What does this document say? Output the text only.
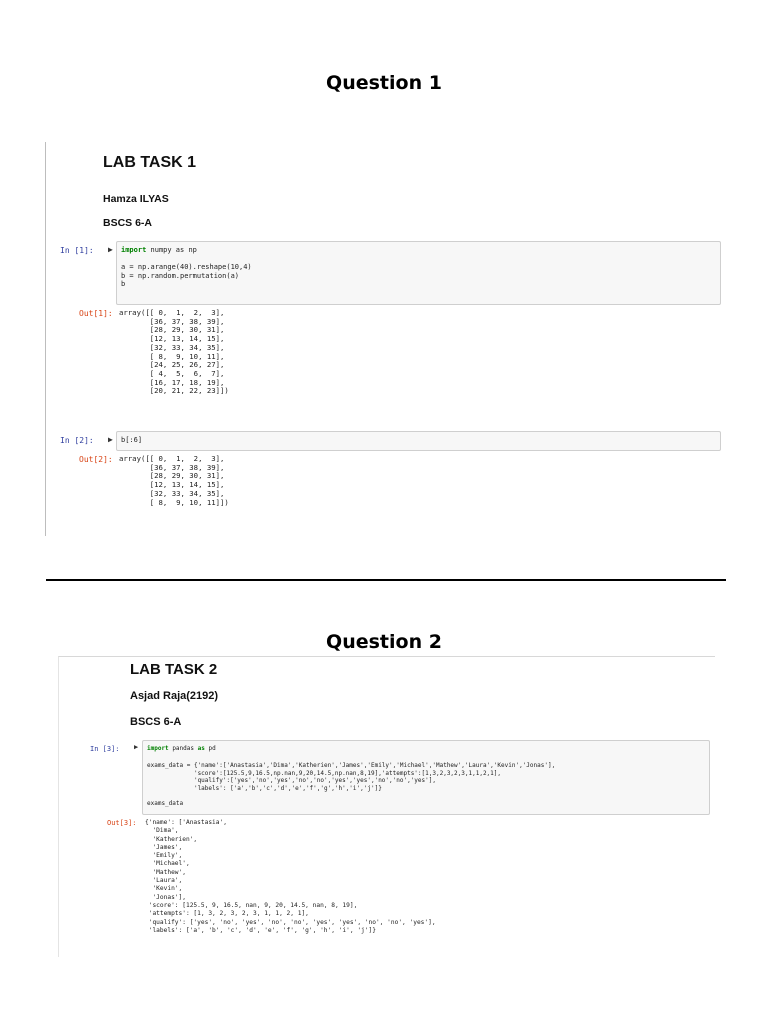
Question 1
LAB TASK 1
Hamza ILYAS
BSCS 6-A
In [1]: ▶ import numpy as np
a = np.arange(40).reshape(10,4)
b = np.random.permutation(a)
b
Out[1]: array([[ 0,  1,  2,  3],
[36, 37, 38, 39],
[28, 29, 30, 31],
[12, 13, 14, 15],
[32, 33, 34, 35],
[ 8,  9, 10, 11],
[24, 25, 26, 27],
[ 4,  5,  6,  7],
[16, 17, 18, 19],
[20, 21, 22, 23]])
In [2]: ▶ b[:6]
Out[2]: array([[ 0,  1,  2,  3],
[36, 37, 38, 39],
[28, 29, 30, 31],
[12, 13, 14, 15],
[32, 33, 34, 35],
[ 8,  9, 10, 11]])
Question 2
LAB TASK 2
Asjad Raja(2192)
BSCS 6-A
In [3]: ▶ import pandas as pd
exams_data = {'name':['Anastasia','Dima','Katherien','James','Emily','Michael','Mathew','Laura','Kevin','Jonas'],
'score':[125.5,9,16.5,np.nan,9,20,14.5,np.nan,8,19],'attempts':[1,3,2,3,2,3,1,1,2,1],
'qualify':['yes','no','yes','no','no','yes','yes','no','no','yes'],
'labels': ['a','b','c','d','e','f','g','h','i','j']}

exams_data
Out[3]: {'name': ['Anastasia',
'Dima',
'Katherien',
'James',
'Emily',
'Michael',
'Mathew',
'Laura',
'Kevin',
'Jonas'],
'score': [125.5, 9, 16.5, nan, 9, 20, 14.5, nan, 8, 19],
'attempts': [1, 3, 2, 3, 2, 3, 1, 1, 2, 1],
'qualify': ['yes', 'no', 'yes', 'no', 'no', 'yes', 'yes', 'no', 'no', 'yes'],
'labels': ['a', 'b', 'c', 'd', 'e', 'f', 'g', 'h', 'i', 'j']}
